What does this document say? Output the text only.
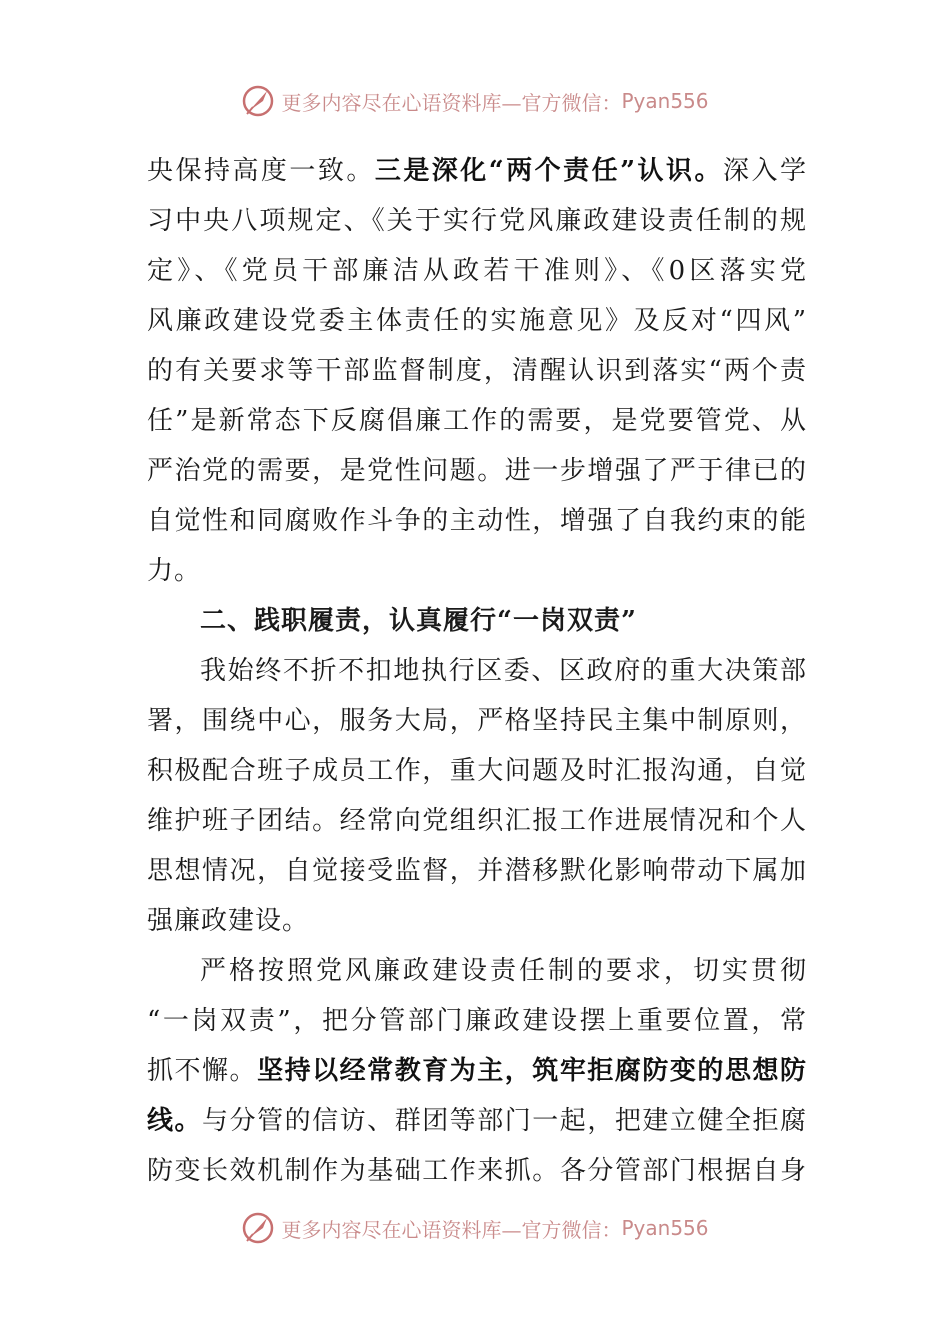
更多内容尽在心语资料库—官方微信： Pyan556
央保持高度一致。三是深化“两个责任”认识。深入学
习中央八项规定、《关于实行党风廉政建设责任制的规
定》、《党员干部廉洁从政若干准则》、《0区落实党
风廉政建设党委主体责任的实施意见》及反对“四风”
的有关要求等干部监督制度，清醒认识到落实“两个责
任”是新常态下反腐倡廉工作的需要，是党要管党、从
严治党的需要，是党性问题。进一步增强了严于律已的
自觉性和同腐败作斗争的主动性，增强了自我约束的能
力。
二、践职履责，认真履行“一岗双责”
我始终不折不扣地执行区委、区政府的重大决策部
署，围绕中心，服务大局，严格坚持民主集中制原则，
积极配合班子成员工作，重大问题及时汇报沟通，自觉
维护班子团结。经常向党组织汇报工作进展情况和个人
思想情况，自觉接受监督，并潜移默化影响带动下属加
强廉政建设。
严格按照党风廉政建设责任制的要求，切实贯彻
“一岗双责”，把分管部门廉政建设摆上重要位置，常
抓不懈。坚持以经常教育为主，筑牢拒腐防变的思想防
线。与分管的信访、群团等部门一起，把建立健全拒腐
防变长效机制作为基础工作来抓。各分管部门根据自身
更多内容尽在心语资料库—官方微信： Pyan556
